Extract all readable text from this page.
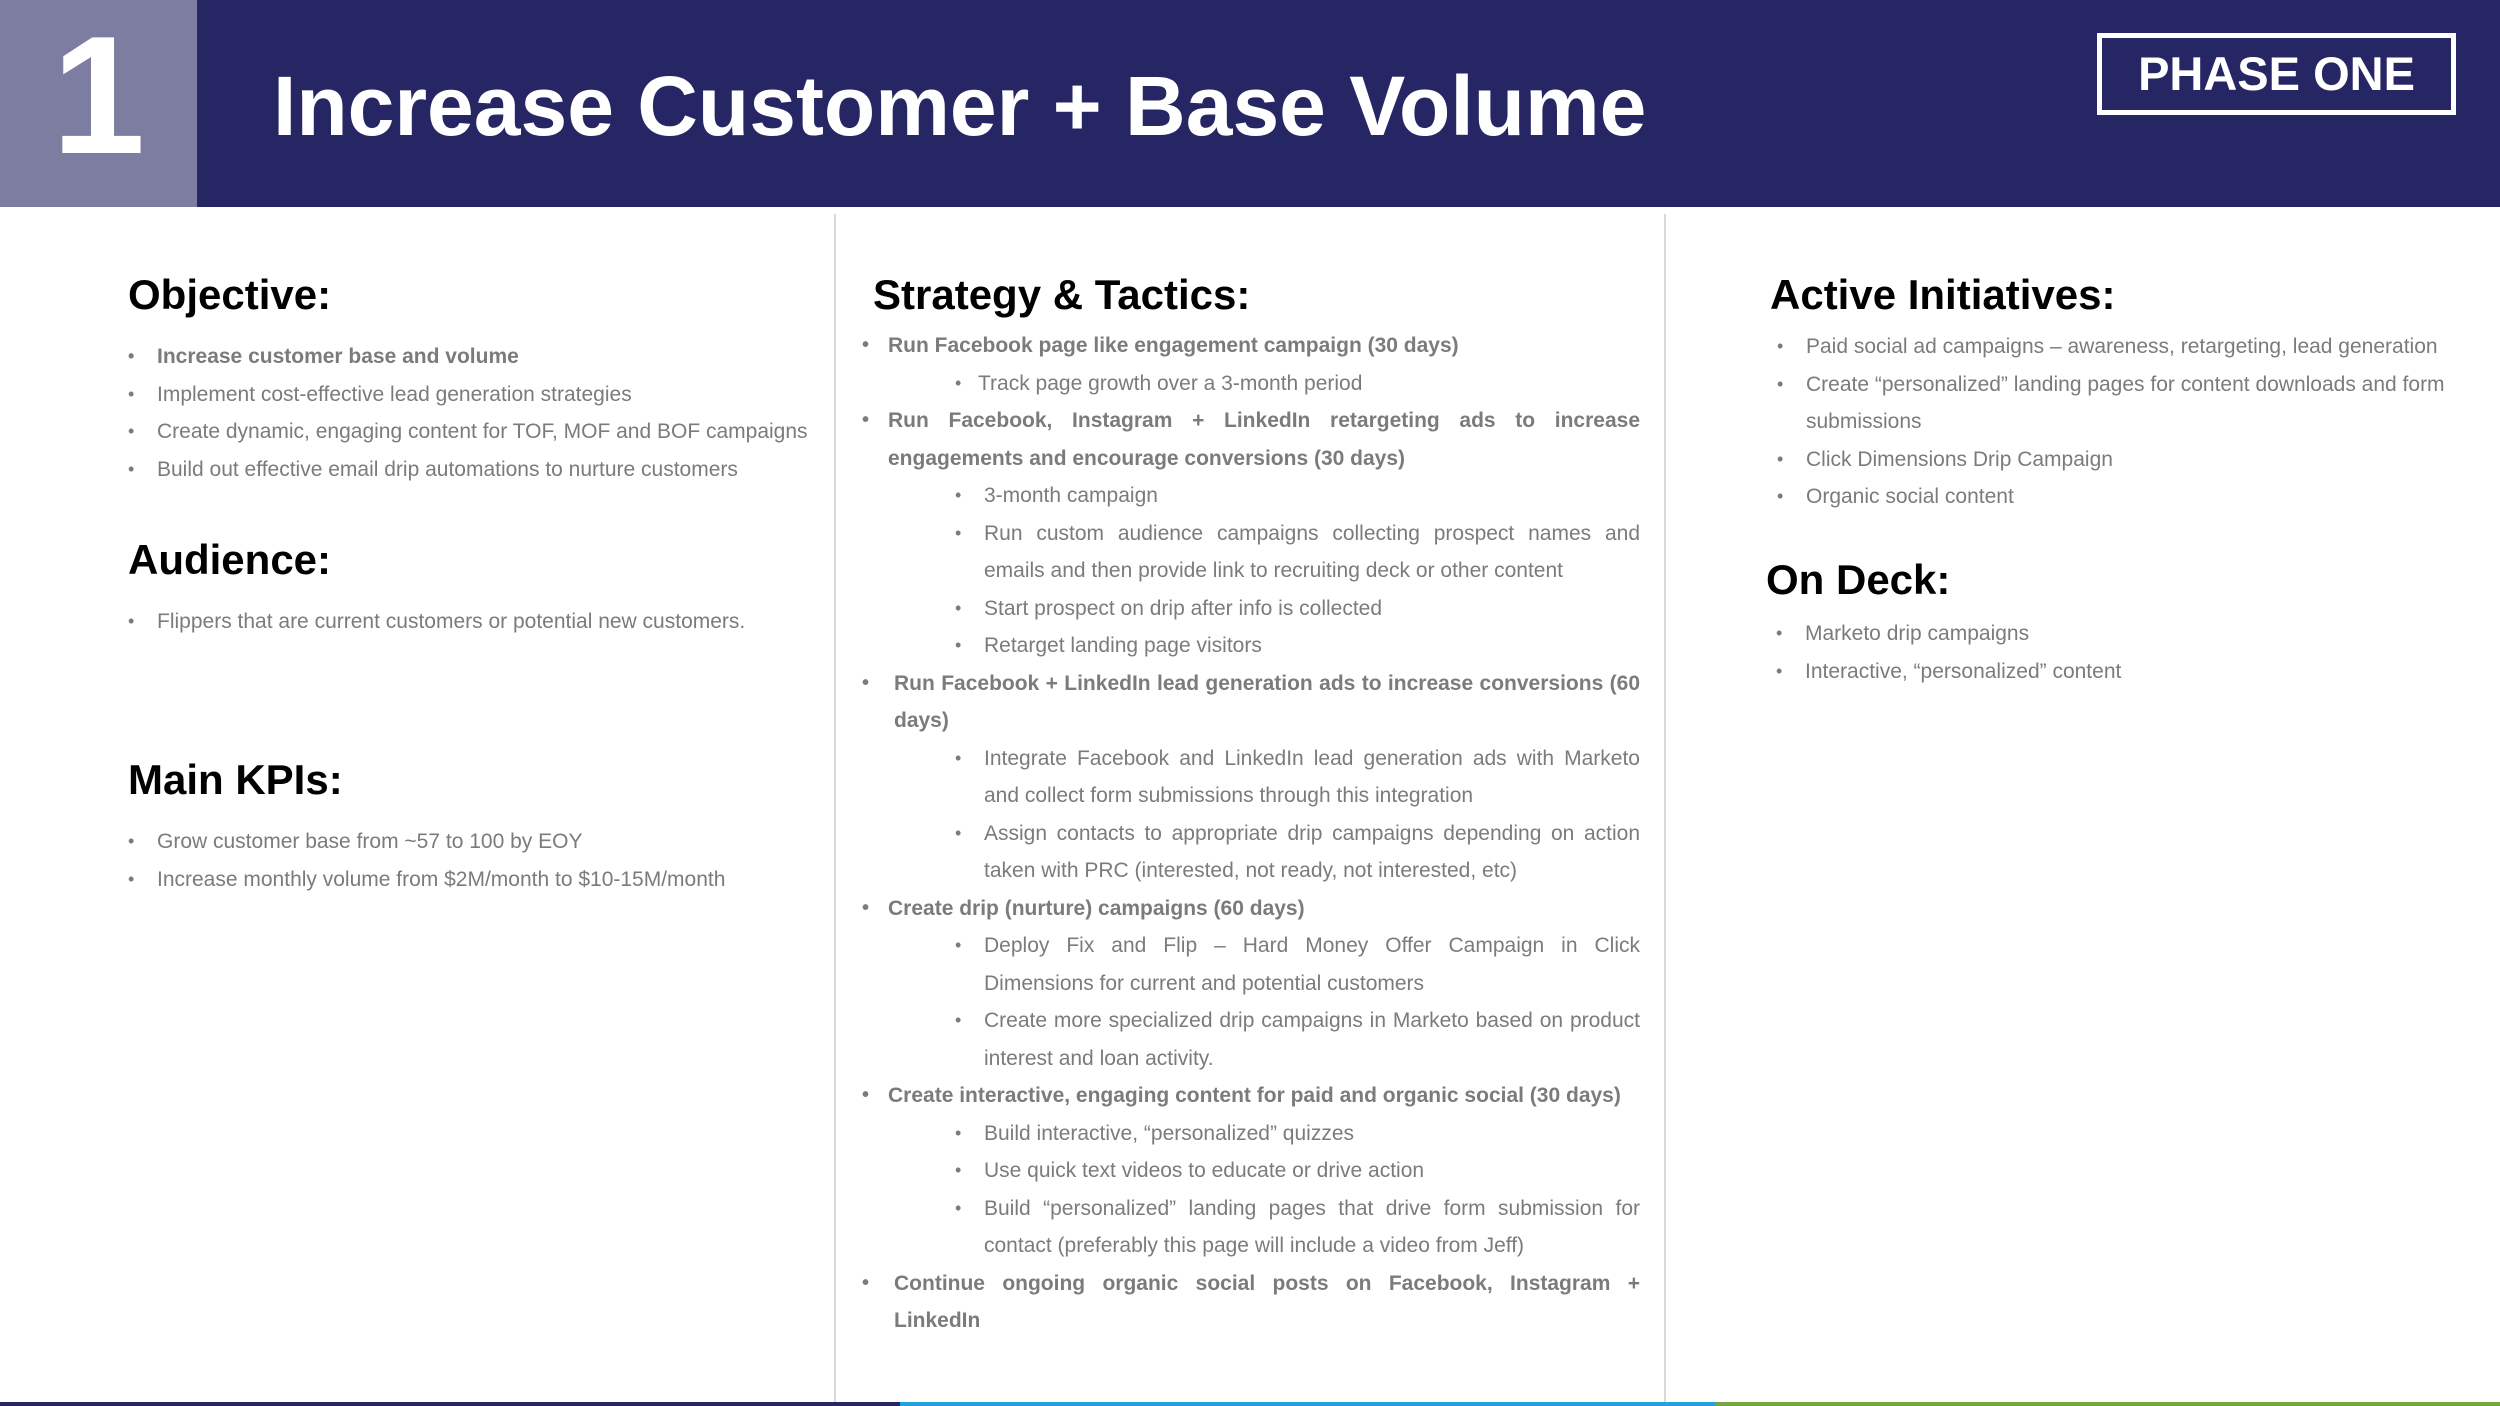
1	Increase Customer + Base Volume	PHASE ONE
Objective:
• Increase customer base and volume
• Implement cost-effective lead generation strategies
• Create dynamic, engaging content for TOF, MOF and BOF campaigns
• Build out effective email drip automations to nurture customers
Audience:
• Flippers that are current customers or potential new customers.
Main KPIs:
• Grow customer base from ~57 to 100 by EOY
• Increase monthly volume from $2M/month to $10-15M/month
Strategy & Tactics:
• Run Facebook page like engagement campaign (30 days)
• Track page growth over a 3-month period
• Run Facebook, Instagram + LinkedIn retargeting ads to increase engagements and encourage conversions (30 days)
• 3-month campaign
• Run custom audience campaigns collecting prospect names and emails and then provide link to recruiting deck or other content
• Start prospect on drip after info is collected
• Retarget landing page visitors
• Run Facebook + LinkedIn lead generation ads to increase conversions (60 days)
• Integrate Facebook and LinkedIn lead generation ads with Marketo and collect form submissions through this integration
• Assign contacts to appropriate drip campaigns depending on action taken with PRC (interested, not ready, not interested, etc)
• Create drip (nurture) campaigns (60 days)
• Deploy Fix and Flip – Hard Money Offer Campaign in Click Dimensions for current and potential customers
• Create more specialized drip campaigns in Marketo based on product interest and loan activity.
• Create interactive, engaging content for paid and organic social (30 days)
• Build interactive, “personalized” quizzes
• Use quick text videos to educate or drive action
• Build “personalized” landing pages that drive form submission for contact (preferably this page will include a video from Jeff)
• Continue ongoing organic social posts on Facebook, Instagram + LinkedIn
Active Initiatives:
• Paid social ad campaigns – awareness, retargeting, lead generation
• Create “personalized” landing pages for content downloads and form submissions
• Click Dimensions Drip Campaign
• Organic social content
On Deck:
• Marketo drip campaigns
• Interactive, “personalized” content
